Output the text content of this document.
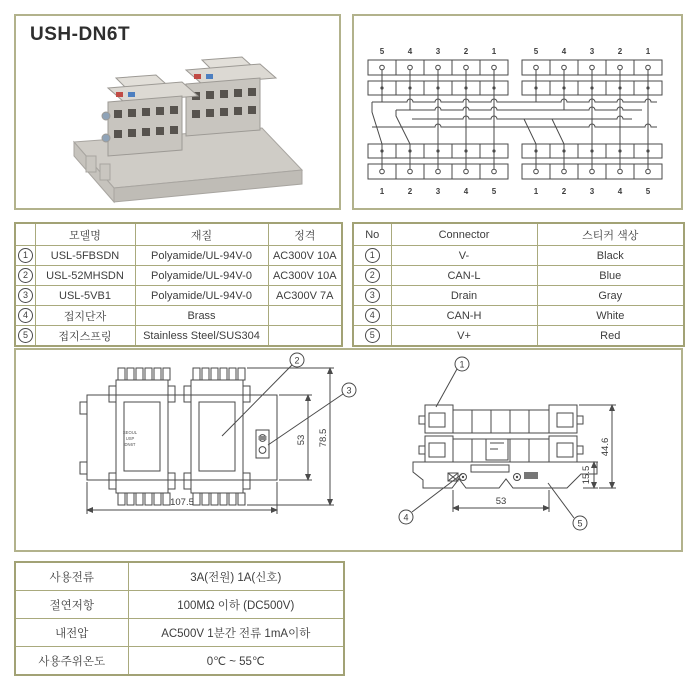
USH-DN6T
5	4	3	2	1	5	4	3	2	1
1	2	3	4	5	1	2	3	4	5
	모델명	재질	정격
1	USL-5FBSDN	Polyamide/UL-94V-0	AC300V 10A
2	USL-52MHSDN	Polyamide/UL-94V-0	AC300V 10A
3	USL-5VB1	Polyamide/UL-94V-0	AC300V 7A
4	접지단자	Brass	
5	접지스프링	Stainless Steel/SUS304	
No	Connector	스티커 색상
1	V-	Black
2	CAN-L	Blue
3	Drain	Gray
4	CAN-H	White
5	V+	Red
SEOUL
USP
DN6T
107.5
53 78.5	44.6
15.5
53
2
3
1
4
5
사용전류	3A(전원) 1A(신호)
절연저항	100MΩ 이하 (DC500V)
내전압	AC500V 1분간 전류 1mA이하
사용주위온도	0℃ ~ 55℃
